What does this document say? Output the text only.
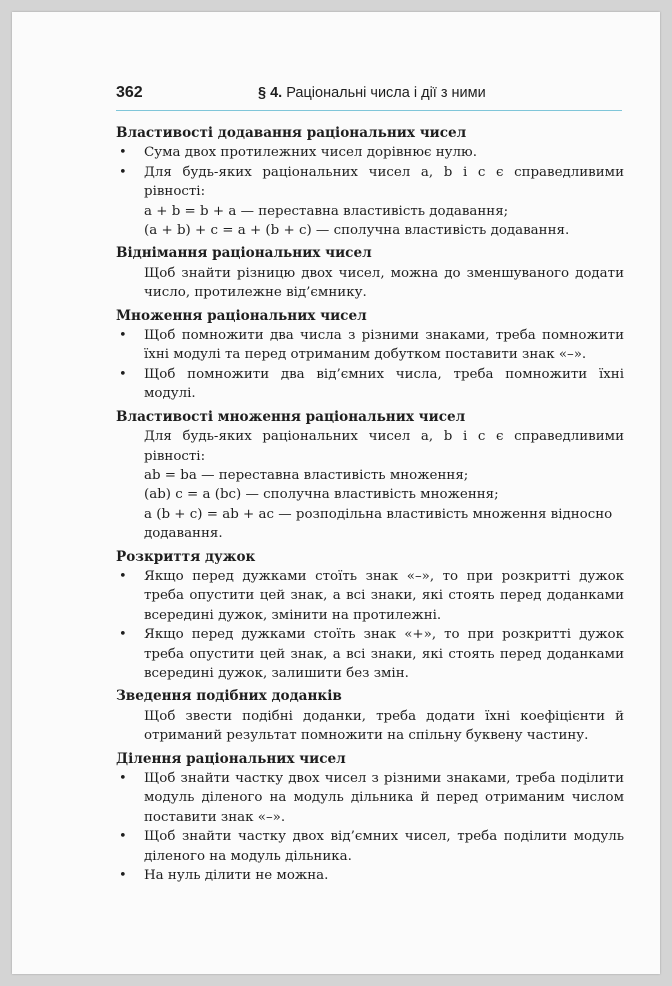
362	§ 4. Раціональні числа і дії з ними
Властивості додавання раціональних чисел
• Сума двох протилежних чисел дорівнює нулю.
• Для будь-яких раціональних чисел a, b і c є справедливими рівності:
a + b = b + a — переставна властивість додавання;
(a + b) + c = a + (b + c) — сполучна властивість додавання.
Віднімання раціональних чисел
Щоб знайти різницю двох чисел, можна до зменшуваного додати число, протилежне від’ємнику.
Множення раціональних чисел
• Щоб помножити два числа з різними знаками, треба помножити їхні модулі та перед отриманим добутком поставити знак «–».
• Щоб помножити два від’ємних числа, треба помножити їхні модулі.
Властивості множення раціональних чисел
Для будь-яких раціональних чисел a, b і c є справедливими рівності:
ab = ba — переставна властивість множення;
(ab) c = a (bc) — сполучна властивість множення;
a (b + c) = ab + ac — розподільна властивість множення відносно додавання.
Розкриття дужок
• Якщо перед дужками стоїть знак «–», то при розкритті дужок треба опустити цей знак, а всі знаки, які стоять перед доданками всередині дужок, змінити на протилежні.
• Якщо перед дужками стоїть знак «+», то при розкритті дужок треба опустити цей знак, а всі знаки, які стоять перед доданками всередині дужок, залишити без змін.
Зведення подібних доданків
Щоб звести подібні доданки, треба додати їхні коефіцієнти й отриманий результат помножити на спільну буквену частину.
Ділення раціональних чисел
• Щоб знайти частку двох чисел з різними знаками, треба поділити модуль діленого на модуль дільника й перед отриманим числом поставити знак «–».
• Щоб знайти частку двох від’ємних чисел, треба поділити модуль діленого на модуль дільника.
• На нуль ділити не можна.
